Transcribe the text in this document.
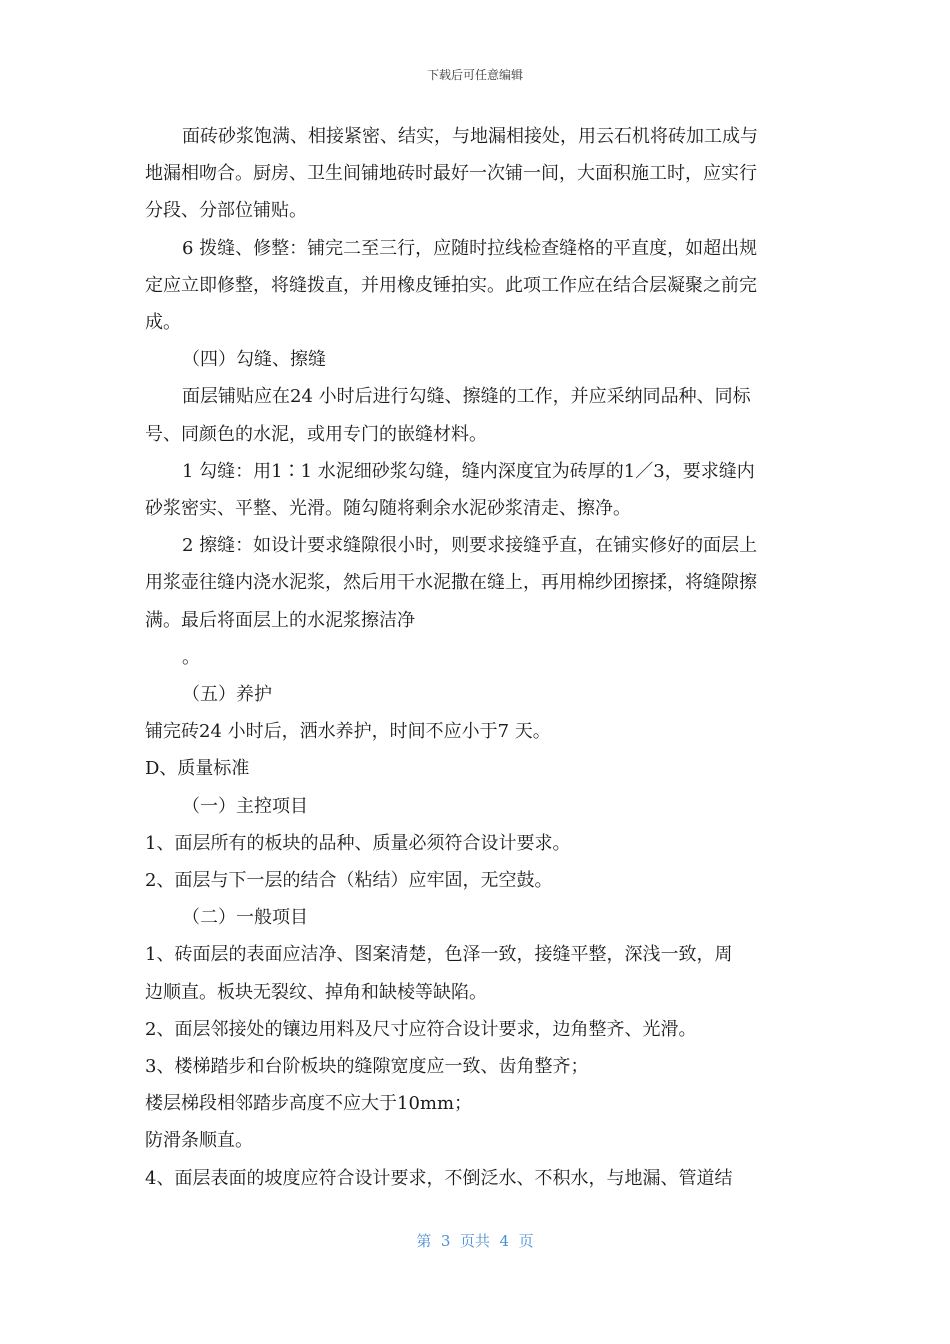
下载后可任意编辑

面砖砂浆饱满、相接紧密、结实，与地漏相接处，用云石机将砖加工成与

地漏相吻合。厨房、卫生间铺地砖时最好一次铺一间，大面积施工时，应实行

分段、分部位铺贴。

6 拨缝、修整：铺完二至三行，应随时拉线检查缝格的平直度，如超出规

定应立即修整，将缝拨直，并用橡皮锤拍实。此项工作应在结合层凝聚之前完

成。

（四）勾缝、擦缝

面层铺贴应在24 小时后进行勾缝、擦缝的工作，并应采纳同品种、同标

号、同颜色的水泥，或用专门的嵌缝材料。

1 勾缝：用1∶1 水泥细砂浆勾缝，缝内深度宜为砖厚的1／3，要求缝内

砂浆密实、平整、光滑。随勾随将剩余水泥砂浆清走、擦净。

2 擦缝：如设计要求缝隙很小时，则要求接缝乎直，在铺实修好的面层上

用浆壶往缝内浇水泥浆，然后用干水泥撒在缝上，再用棉纱团擦揉，将缝隙擦

满。最后将面层上的水泥浆擦洁净

。

（五）养护

铺完砖24 小时后，洒水养护，时间不应小于7 天。

D、质量标准

（一）主控项目

1、面层所有的板块的品种、质量必须符合设计要求。

2、面层与下一层的结合（粘结）应牢固，无空鼓。

（二）一般项目

1、砖面层的表面应洁净、图案清楚，色泽一致，接缝平整，深浅一致，周

边顺直。板块无裂纹、掉角和缺棱等缺陷。

2、面层邻接处的镶边用料及尺寸应符合设计要求，边角整齐、光滑。

3、楼梯踏步和台阶板块的缝隙宽度应一致、齿角整齐；

楼层梯段相邻踏步高度不应大于10mm；

防滑条顺直。

4、面层表面的坡度应符合设计要求，不倒泛水、不积水，与地漏、管道结

第  3  页共  4  页
